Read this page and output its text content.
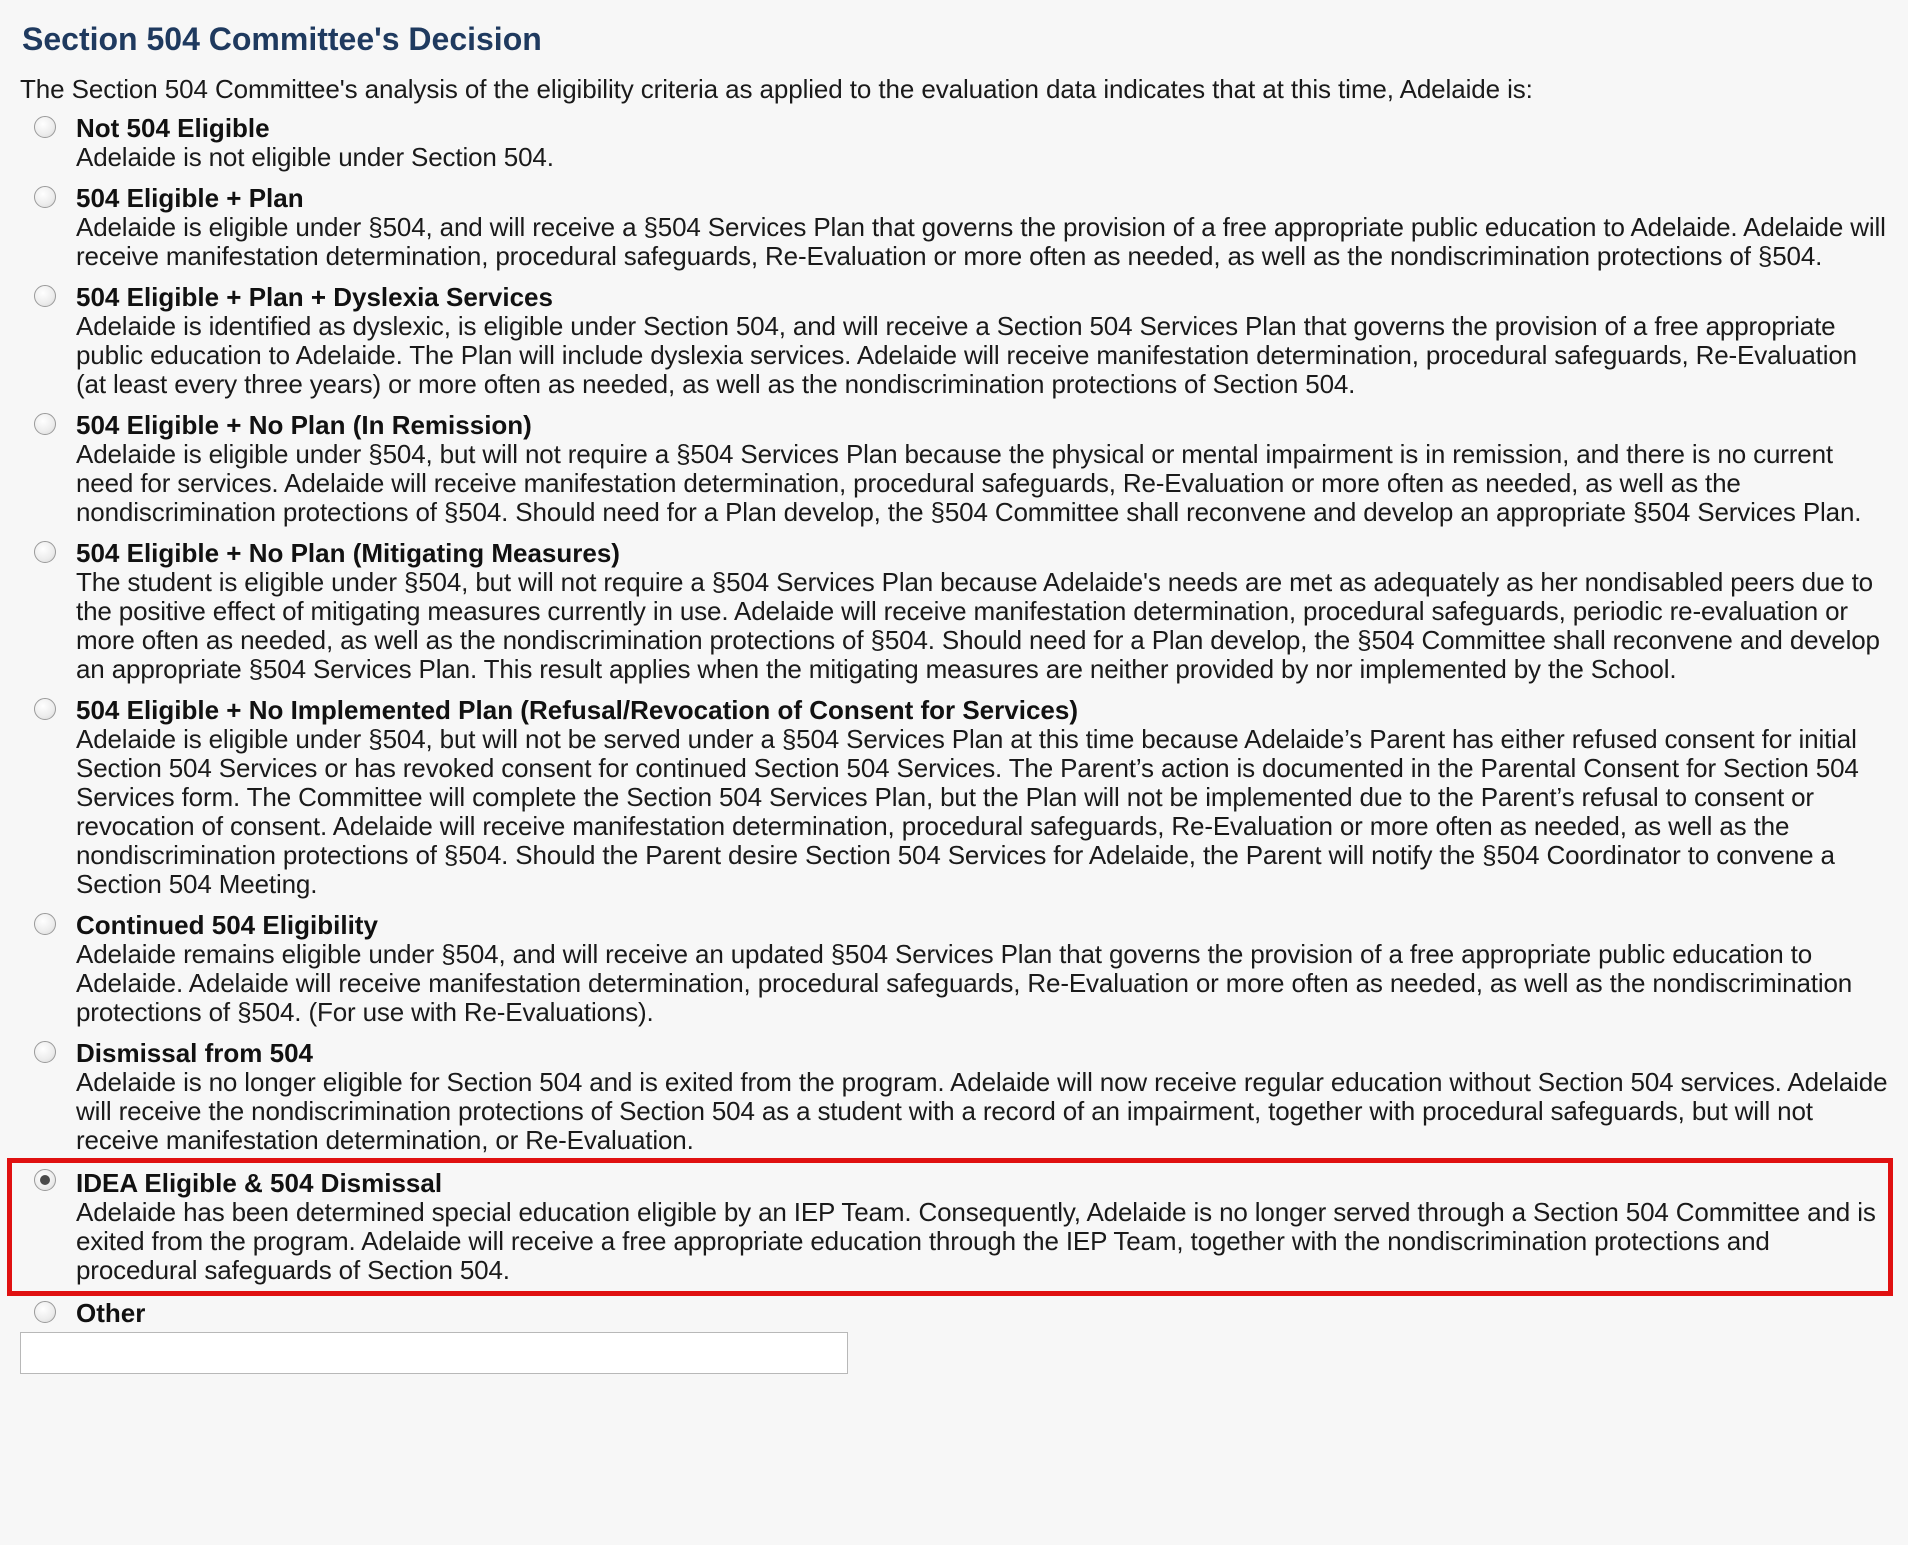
Section 504 Committee's Decision
The Section 504 Committee's analysis of the eligibility criteria as applied to the evaluation data indicates that at this time, Adelaide is:
Not 504 Eligible
Adelaide is not eligible under Section 504.
504 Eligible + Plan
Adelaide is eligible under §504, and will receive a §504 Services Plan that governs the provision of a free appropriate public education to Adelaide. Adelaide will receive manifestation determination, procedural safeguards, Re-Evaluation or more often as needed, as well as the nondiscrimination protections of §504.
504 Eligible + Plan + Dyslexia Services
Adelaide is identified as dyslexic, is eligible under Section 504, and will receive a Section 504 Services Plan that governs the provision of a free appropriate public education to Adelaide. The Plan will include dyslexia services. Adelaide will receive manifestation determination, procedural safeguards, Re-Evaluation (at least every three years) or more often as needed, as well as the nondiscrimination protections of Section 504.
504 Eligible + No Plan (In Remission)
Adelaide is eligible under §504, but will not require a §504 Services Plan because the physical or mental impairment is in remission, and there is no current need for services. Adelaide will receive manifestation determination, procedural safeguards, Re-Evaluation or more often as needed, as well as the nondiscrimination protections of §504. Should need for a Plan develop, the §504 Committee shall reconvene and develop an appropriate §504 Services Plan.
504 Eligible + No Plan (Mitigating Measures)
The student is eligible under §504, but will not require a §504 Services Plan because Adelaide's needs are met as adequately as her nondisabled peers due to the positive effect of mitigating measures currently in use. Adelaide will receive manifestation determination, procedural safeguards, periodic re-evaluation or more often as needed, as well as the nondiscrimination protections of §504. Should need for a Plan develop, the §504 Committee shall reconvene and develop an appropriate §504 Services Plan. This result applies when the mitigating measures are neither provided by nor implemented by the School.
504 Eligible + No Implemented Plan (Refusal/Revocation of Consent for Services)
Adelaide is eligible under §504, but will not be served under a §504 Services Plan at this time because Adelaide’s Parent has either refused consent for initial Section 504 Services or has revoked consent for continued Section 504 Services. The Parent’s action is documented in the Parental Consent for Section 504 Services form. The Committee will complete the Section 504 Services Plan, but the Plan will not be implemented due to the Parent’s refusal to consent or revocation of consent. Adelaide will receive manifestation determination, procedural safeguards, Re-Evaluation or more often as needed, as well as the nondiscrimination protections of §504. Should the Parent desire Section 504 Services for Adelaide, the Parent will notify the §504 Coordinator to convene a Section 504 Meeting.
Continued 504 Eligibility
Adelaide remains eligible under §504, and will receive an updated §504 Services Plan that governs the provision of a free appropriate public education to Adelaide. Adelaide will receive manifestation determination, procedural safeguards, Re-Evaluation or more often as needed, as well as the nondiscrimination protections of §504. (For use with Re-Evaluations).
Dismissal from 504
Adelaide is no longer eligible for Section 504 and is exited from the program. Adelaide will now receive regular education without Section 504 services. Adelaide will receive the nondiscrimination protections of Section 504 as a student with a record of an impairment, together with procedural safeguards, but will not receive manifestation determination, or Re-Evaluation.
IDEA Eligible & 504 Dismissal
Adelaide has been determined special education eligible by an IEP Team. Consequently, Adelaide is no longer served through a Section 504 Committee and is exited from the program. Adelaide will receive a free appropriate education through the IEP Team, together with the nondiscrimination protections and procedural safeguards of Section 504.
Other
